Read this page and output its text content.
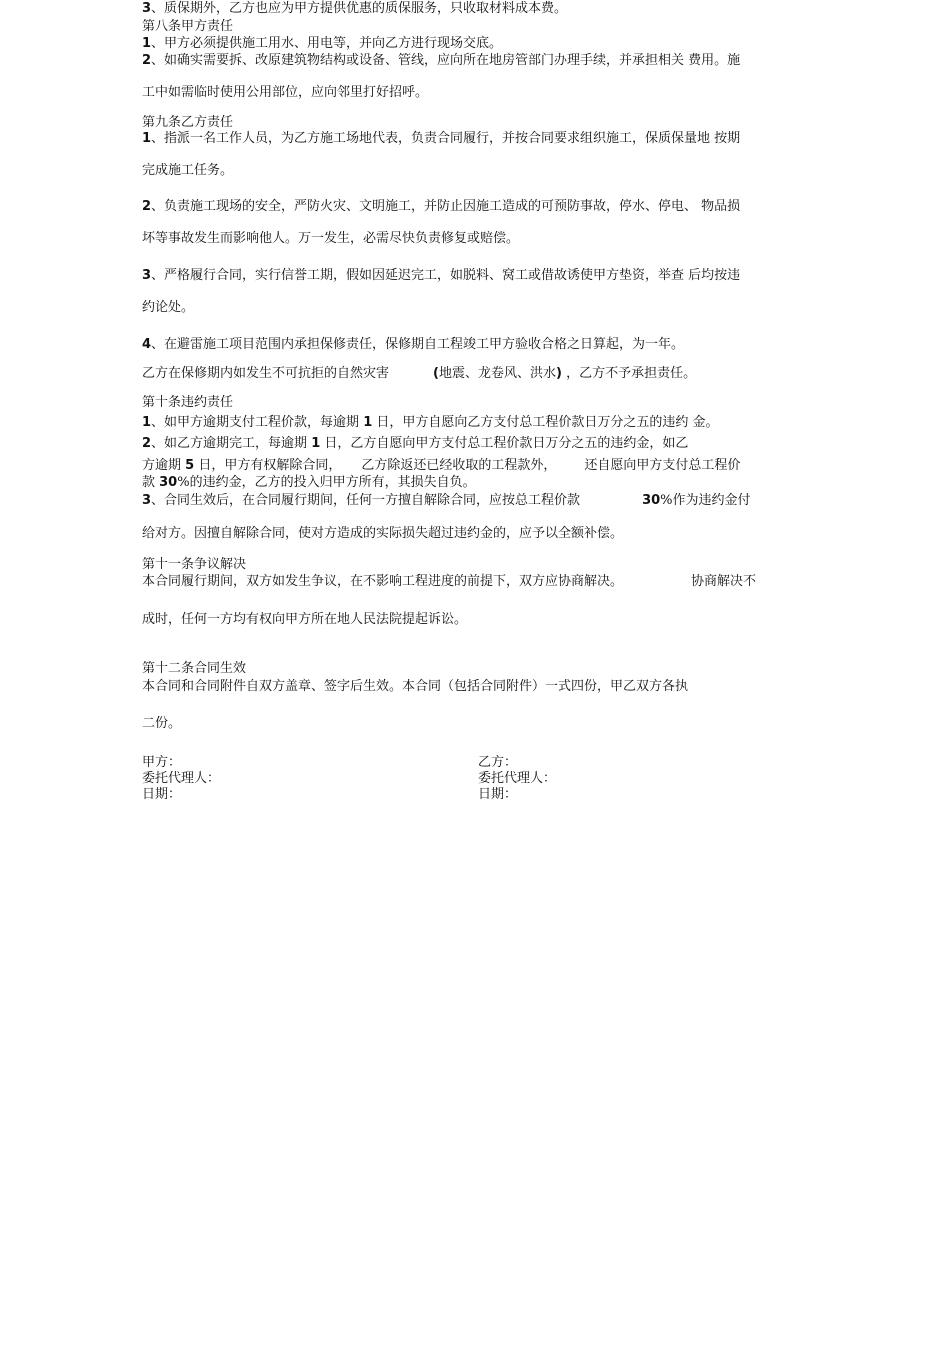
3、质保期外，乙方也应为甲方提供优惠的质保服务，只收取材料成本费。
第八条甲方责任
1、甲方必须提供施工用水、用电等，并向乙方进行现场交底。
2、如确实需要拆、改原建筑物结构或设备、管线，应向所在地房管部门办理手续，并承担相关 费用。施
工中如需临时使用公用部位，应向邻里打好招呼。
第九条乙方责任
1、指派一名工作人员，为乙方施工场地代表，负责合同履行，并按合同要求组织施工，保质保量地 按期
完成施工任务。
2、负责施工现场的安全，严防火灾、文明施工，并防止因施工造成的可预防事故，停水、停电、 物品损
坏等事故发生而影响他人。万一发生，必需尽快负责修复或赔偿。
3、严格履行合同，实行信誉工期，假如因延迟完工，如脱料、窝工或借故诱使甲方垫资，举查 后均按违
约论处。
4、在避雷施工项目范围内承担保修责任，保修期自工程竣工甲方验收合格之日算起，为一年。
乙方在保修期内如发生不可抗拒的自然灾害	(地震、龙卷风、洪水) ，乙方不予承担责任。
第十条违约责任
1、如甲方逾期支付工程价款，每逾期 1 日，甲方自愿向乙方支付总工程价款日万分之五的违约 金。
2、如乙方逾期完工，每逾期 1 日，乙方自愿向甲方支付总工程价款日万分之五的违约金，如乙
方逾期 5 日，甲方有权解除合同， 乙方除返还已经收取的工程款外， 还自愿向甲方支付总工程价
款 30%的违约金，乙方的投入归甲方所有，其损失自负。
3、合同生效后，在合同履行期间，任何一方擅自解除合同，应按总工程价款	30%作为违约金付
给对方。因擅自解除合同，使对方造成的实际损失超过违约金的，应予以全额补偿。
第十一条争议解决
本合同履行期间，双方如发生争议，在不影响工程进度的前提下，双方应协商解决。	协商解决不
成时，任何一方均有权向甲方所在地人民法院提起诉讼。
第十二条合同生效
本合同和合同附件自双方盖章、签字后生效。本合同（包括合同附件）一式四份，甲乙双方各执
二份。
甲方：	乙方：
委托代理人：	委托代理人：
日期：	日期：
